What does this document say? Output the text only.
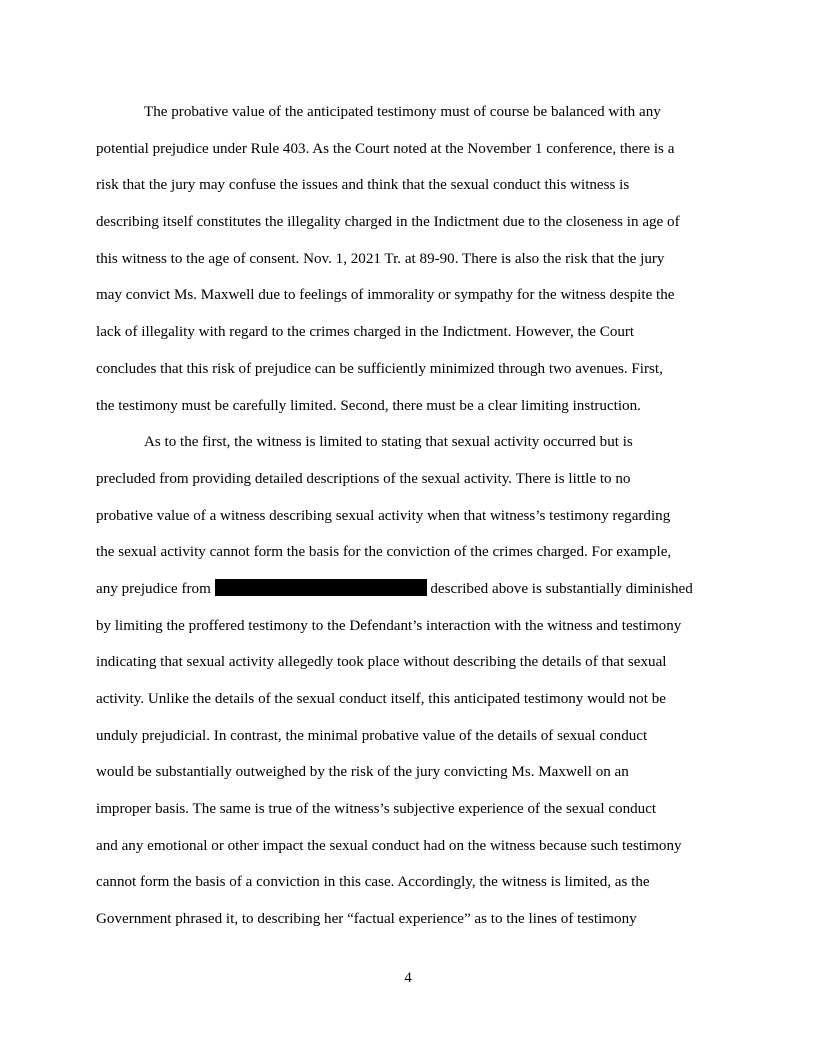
The probative value of the anticipated testimony must of course be balanced with any
potential prejudice under Rule 403. As the Court noted at the November 1 conference, there is a
risk that the jury may confuse the issues and think that the sexual conduct this witness is
describing itself constitutes the illegality charged in the Indictment due to the closeness in age of
this witness to the age of consent. Nov. 1, 2021 Tr. at 89-90. There is also the risk that the jury
may convict Ms. Maxwell due to feelings of immorality or sympathy for the witness despite the
lack of illegality with regard to the crimes charged in the Indictment. However, the Court
concludes that this risk of prejudice can be sufficiently minimized through two avenues. First,
the testimony must be carefully limited. Second, there must be a clear limiting instruction.
As to the first, the witness is limited to stating that sexual activity occurred but is
precluded from providing detailed descriptions of the sexual activity. There is little to no
probative value of a witness describing sexual activity when that witness’s testimony regarding
the sexual activity cannot form the basis for the conviction of the crimes charged. For example,
any prejudice from	described above is substantially diminished
by limiting the proffered testimony to the Defendant’s interaction with the witness and testimony
indicating that sexual activity allegedly took place without describing the details of that sexual
activity. Unlike the details of the sexual conduct itself, this anticipated testimony would not be
unduly prejudicial. In contrast, the minimal probative value of the details of sexual conduct
would be substantially outweighed by the risk of the jury convicting Ms. Maxwell on an
improper basis. The same is true of the witness’s subjective experience of the sexual conduct
and any emotional or other impact the sexual conduct had on the witness because such testimony
cannot form the basis of a conviction in this case. Accordingly, the witness is limited, as the
Government phrased it, to describing her “factual experience” as to the lines of testimony
4
